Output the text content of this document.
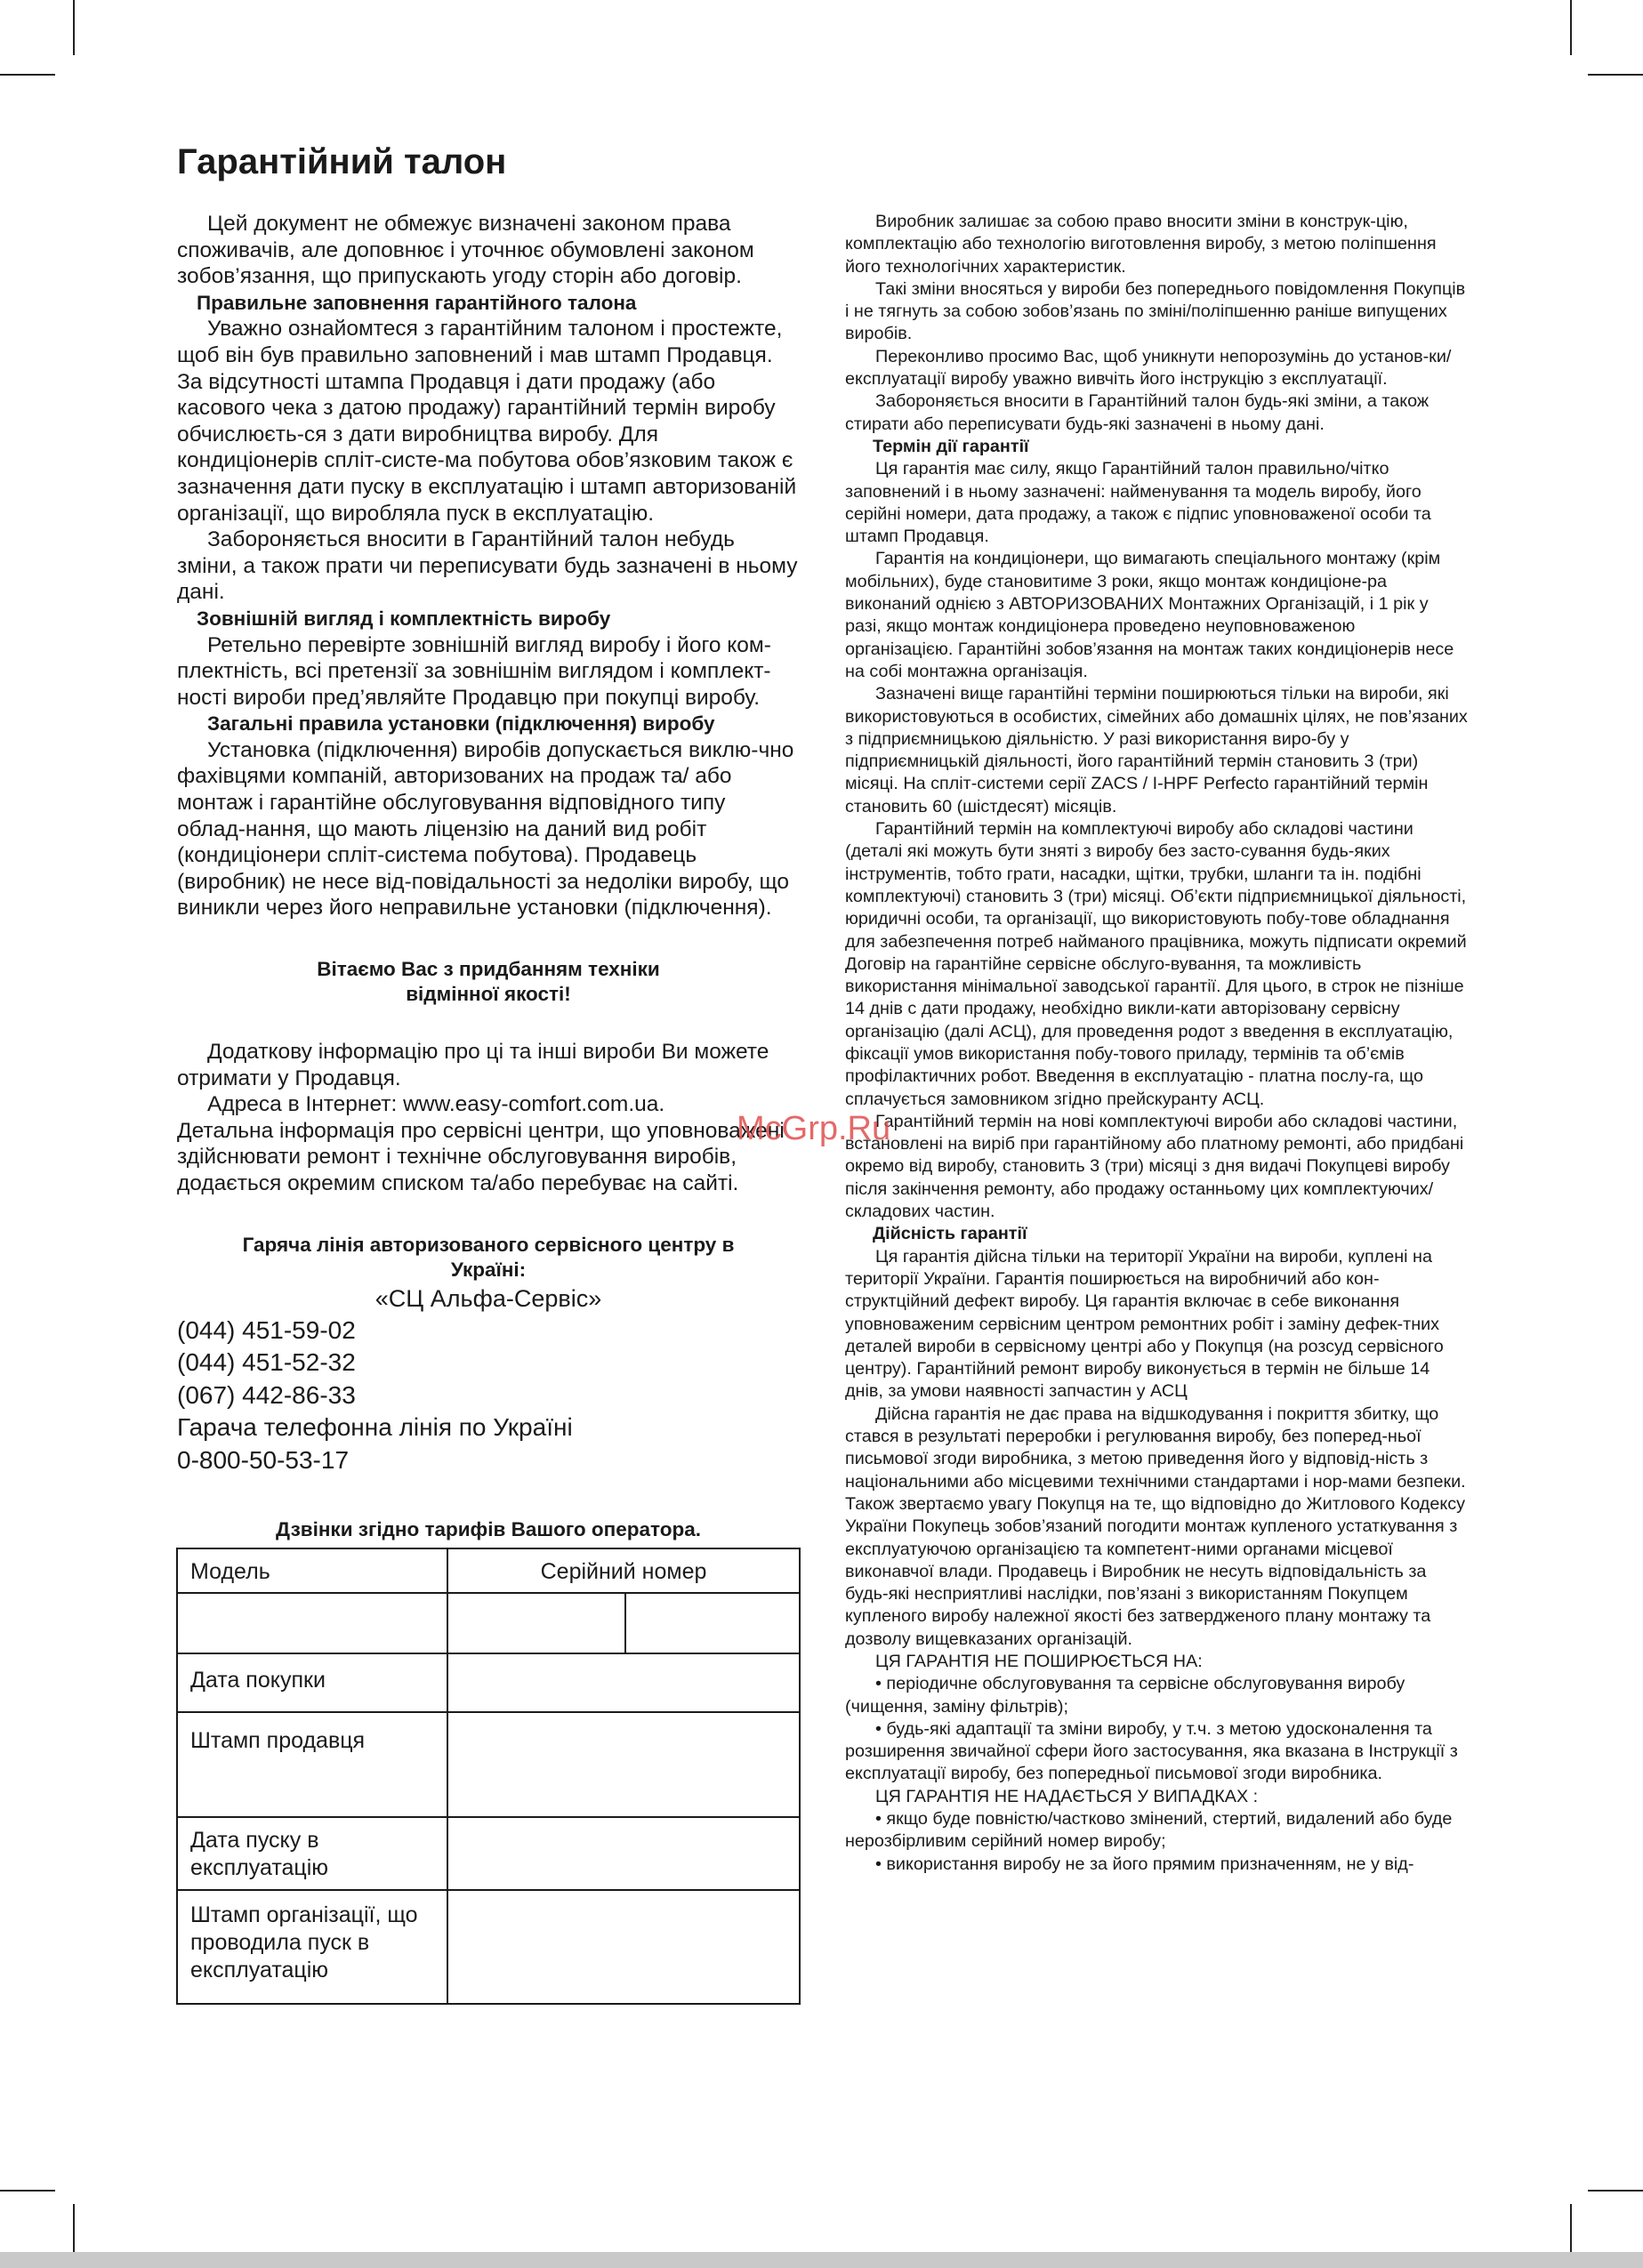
Гарантійний талон

Цей документ не обмежує визначені законом права споживачів, але доповнює і уточнює обумовлені законом зобов’язання, що припускають угоду сторін або договір.

Правильне заповнення гарантійного талона

Уважно ознайомтеся з гарантійним талоном і простежте, щоб він був правильно заповнений і мав штамп Продавця. За відсутності штампа Продавця і дати продажу (або касового чека з датою продажу) гарантійний термін виробу обчислюєть-ся з дати виробництва виробу. Для кондиціонерів спліт-систе-ма побутова обов’язковим також є зазначення дати пуску в експлуатацію і штамп авторизованій організації, що виробляла пуск в експлуатацію.

Забороняється вносити в Гарантійний талон небудь зміни, а також прати чи переписувати будь зазначені в ньому дані.

Зовнішній вигляд і комплектність виробу

Ретельно перевірте зовнішній вигляд виробу і його ком-плектність, всі претензії за зовнішнім виглядом і комплект-ності вироби пред’являйте Продавцю при покупці виробу.

Загальні правила установки (підключення) виробу

Установка (підключення) виробів допускається виклю-чно фахівцями компаній, авторизованих на продаж та/ або монтаж і гарантійне обслуговування відповідного типу облад-нання, що мають ліцензію на даний вид робіт (кондиціонери спліт-система побутова). Продавець (виробник) не несе від-повідальності за недоліки виробу, що виникли через його неправильне установки (підключення).

Вітаємо Вас з придбанням техніки

відмінної якості!

Додаткову інформацію про ці та інші вироби Ви можете отримати у Продавця.

Адреса в Інтернет: www.easy-comfort.com.ua.

Детальна інформація про сервісні центри, що уповноважені здійснювати ремонт і технічне обслуговування виробів, додається окремим списком та/або перебуває на сайті.

Гаряча лінія авторизованого сервісного центру в

Україні:

«СЦ Альфа-Сервіс»

(044) 451-59-02

(044) 451-52-32

(067) 442-86-33

Гарача телефонна лінія по Україні

0-800-50-53-17

Дзвінки згідно тарифів Вашого оператора.

Модель	Серійний номер	

Дата покупки		
Штамп продавця		
Дата пуску в експлуатацію		
Штамп організації, що проводила пуск в експлуатацію		

Виробник залишає за собою право вносити зміни в конструк-цію, комплектацію або технологію виготовлення виробу, з метою поліпшення його технологічних характеристик.

Такі зміни вносяться у вироби без попереднього повідомлення Покупців і не тягнуть за собою зобов’язань по зміні/поліпшенню раніше випущених виробів.

Переконливо просимо Вас, щоб уникнути непорозумінь до установ-ки/експлуатації виробу уважно вивчіть його інструкцію з експлуатації.

Забороняється вносити в Гарантійний талон будь-які зміни, а також стирати або переписувати будь-які зазначені в ньому дані.

Термін дії гарантії

Ця гарантія має силу, якщо Гарантійний талон правильно/чітко заповнений і в ньому зазначені: найменування та модель виробу, його серійні номери, дата продажу, а також є підпис уповноваженої особи та штамп Продавця.

Гарантія на кондиціонери, що вимагають спеціального монтажу (крім мобільних), буде становитиме 3 роки, якщо монтаж кондиціоне-ра виконаний однією з АВТОРИЗОВАНИХ Монтажних Організацій, і 1 рік у разі, якщо монтаж кондиціонера проведено неуповноваженою організацією. Гарантійні зобов’язання на монтаж таких кондиціонерів несе на собі монтажна організація.

Зазначені вище гарантійні терміни поширюються тільки на вироби, які використовуються в особистих, сімейних або домашніх цілях, не пов’язаних з підприємницькою діяльністю. У разі використання виро-бу у підприємницькій діяльності, його гарантійний термін становить 3 (три) місяці. На спліт-системи серії ZACS / I-HPF Perfecto гарантійний термін становить 60 (шістдесят) місяців.

Гарантійний термін на комплектуючі виробу або складові частини (деталі які можуть бути зняті з виробу без засто-сування будь-яких інструментів, тобто грати, насадки, щітки, трубки, шланги та ін. подібні комплектуючі) становить 3 (три) місяці. Об’єкти підприємницької діяльності, юридичні особи, та організації, що використовують побу-тове обладнання для забезпечення потреб найманого працівника, можуть підписати окремий Договір на гарантійне сервісне обслуго-вування, та можливість використання мінімальної заводської гарантії. Для цього, в строк не пізніше 14 днів с дати продажу, необхідно викли-кати авторізовану сервісну організацію (далі АСЦ), для проведення родот з введення в експлуатацію, фіксації умов використання побу-тового приладу, термінів та об’ємів профілактичних робот. Введення в експлуатацію - платна послу-га, що сплачується замовником згідно прейскуранту АСЦ.

Гарантійний термін на нові комплектуючі вироби або складові частини, встановлені на виріб при гарантійному або платному ремонті, або придбані окремо від виробу, становить 3 (три) місяці з дня видачі Покупцеві виробу після закінчення ремонту, або продажу останньому цих комплектуючих/складових частин.

Дійсність гарантії

Ця гарантія дійсна тільки на території України на вироби, куплені на території України. Гарантія поширюється на виробничий або кон-структційний дефект виробу. Ця гарантія включає в себе виконання уповноваженим сервісним центром ремонтних робіт і заміну дефек-тних деталей вироби в сервісному центрі або у Покупця (на розсуд сервісного центру). Гарантійний ремонт виробу виконується в термін не більше 14 днів, за умови наявності запчастин у АСЦ

Дійсна гарантія не дає права на відшкодування і покриття збитку, що стався в результаті переробки і регулювання виробу, без поперед-ньої письмової згоди виробника, з метою приведення його у відповід-ність з національними або місцевими технічними стандартами і нор-мами безпеки. Також звертаємо увагу Покупця на те, що відповідно до Житлового Кодексу України Покупець зобов’язаний погодити монтаж купленого устаткування з експлуатуючою організацією та компетент-ними органами місцевої виконавчої влади. Продавець і Виробник не несуть відповідальність за будь-які несприятливі наслідки, пов’язані з використанням Покупцем купленого виробу належної якості без затвердженого плану монтажу та дозволу вищевказаних організацій.

ЦЯ ГАРАНТІЯ НЕ ПОШИРЮЄТЬСЯ НА:

• періодичне обслуговування та сервісне обслуговування виробу (чищення, заміну фільтрів);

• будь-які адаптації та зміни виробу, у т.ч. з метою удосконалення та розширення звичайної сфери його застосування, яка вказана в Інструкції з експлуатації виробу, без попередньої письмової згоди виробника.

ЦЯ ГАРАНТІЯ НЕ НАДАЄТЬСЯ У ВИПАДКАХ :

• якщо буде повністю/частково змінений, стертий, видалений або буде нерозбірливим серійний номер виробу;

• використання виробу не за його прямим призначенням, не у від-

McGrp.Ru
